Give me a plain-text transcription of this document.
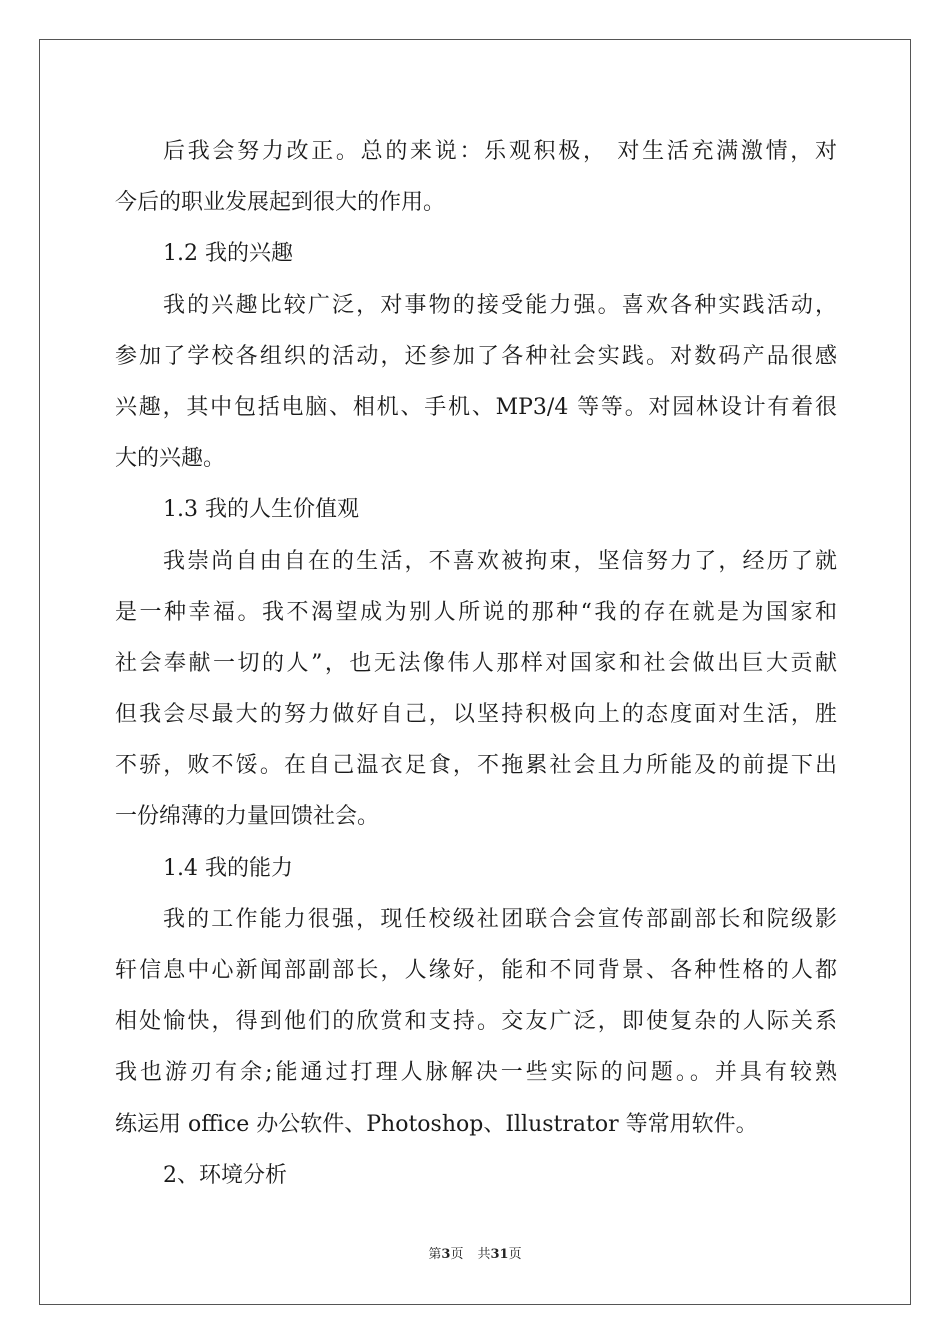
后我会努力改正。总的来说：乐观积极， 对生活充满激情，对
今后的职业发展起到很大的作用。
1.2 我的兴趣
我的兴趣比较广泛，对事物的接受能力强。喜欢各种实践活动，
参加了学校各组织的活动，还参加了各种社会实践。对数码产品很感
兴趣，其中包括电脑、相机、手机、MP3/4 等等。对园林设计有着很
大的兴趣。
1.3 我的人生价值观
我崇尚自由自在的生活，不喜欢被拘束，坚信努力了，经历了就
是一种幸福。我不渴望成为别人所说的那种“我的存在就是为国家和
社会奉献一切的人”，也无法像伟人那样对国家和社会做出巨大贡献
但我会尽最大的努力做好自己，以坚持积极向上的态度面对生活，胜
不骄，败不馁。在自己温衣足食，不拖累社会且力所能及的前提下出
一份绵薄的力量回馈社会。
1.4 我的能力
我的工作能力很强，现任校级社团联合会宣传部副部长和院级影
轩信息中心新闻部副部长，人缘好，能和不同背景、各种性格的人都
相处愉快，得到他们的欣赏和支持。交友广泛，即使复杂的人际关系
我也游刃有余;能通过打理人脉解决一些实际的问题。。并具有较熟
练运用 office 办公软件、Photoshop、Illustrator 等常用软件。
2、环境分析
第3页 共31页
